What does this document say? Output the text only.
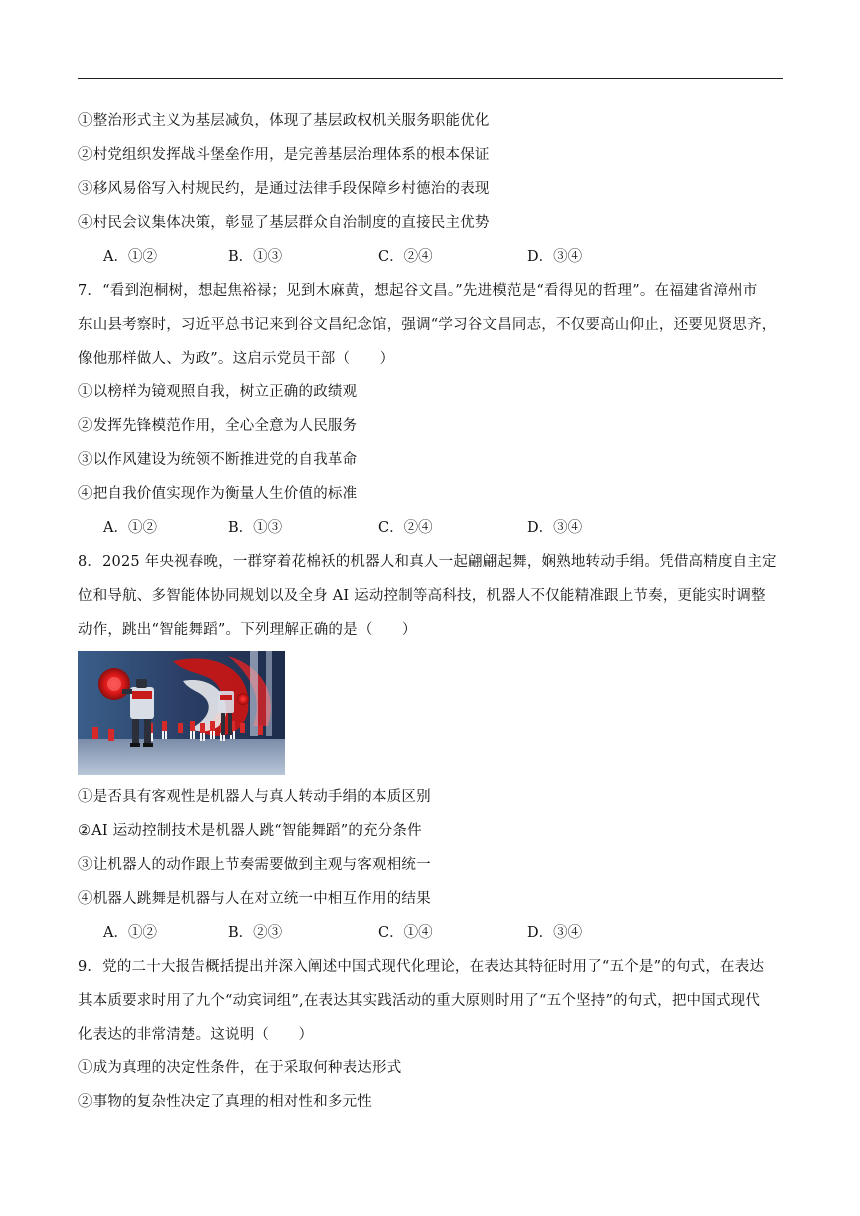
①整治形式主义为基层减负，体现了基层政权机关服务职能优化
②村党组织发挥战斗堡垒作用，是完善基层治理体系的根本保证
③移风易俗写入村规民约，是通过法律手段保障乡村德治的表现
④村民会议集体决策，彰显了基层群众自治制度的直接民主优势
A．①②	B．①③	C．②④	D．③④
7．“看到泡桐树，想起焦裕禄；见到木麻黄，想起谷文昌。”先进模范是“看得见的哲理”。在福建省漳州市
东山县考察时，习近平总书记来到谷文昌纪念馆，强调“学习谷文昌同志，不仅要高山仰止，还要见贤思齐，
像他那样做人、为政”。这启示党员干部（　　）
①以榜样为镜观照自我，树立正确的政绩观
②发挥先锋模范作用，全心全意为人民服务
③以作风建设为统领不断推进党的自我革命
④把自我价值实现作为衡量人生价值的标准
A．①②	B．①③	C．②④	D．③④
8．2025 年央视春晚，一群穿着花棉袄的机器人和真人一起翩翩起舞，娴熟地转动手绢。凭借高精度自主定
位和导航、多智能体协同规划以及全身 AI 运动控制等高科技，机器人不仅能精准跟上节奏，更能实时调整
动作，跳出“智能舞蹈”。下列理解正确的是（　　）
①是否具有客观性是机器人与真人转动手绢的本质区别
②AI 运动控制技术是机器人跳“智能舞蹈”的充分条件
③让机器人的动作跟上节奏需要做到主观与客观相统一
④机器人跳舞是机器与人在对立统一中相互作用的结果
A．①②	B．②③	C．①④	D．③④
9．党的二十大报告概括提出并深入阐述中国式现代化理论，在表达其特征时用了“五个是”的句式，在表达
其本质要求时用了九个“动宾词组”,在表达其实践活动的重大原则时用了“五个坚持”的句式，把中国式现代
化表达的非常清楚。这说明（　　）
①成为真理的决定性条件，在于采取何种表达形式
②事物的复杂性决定了真理的相对性和多元性
